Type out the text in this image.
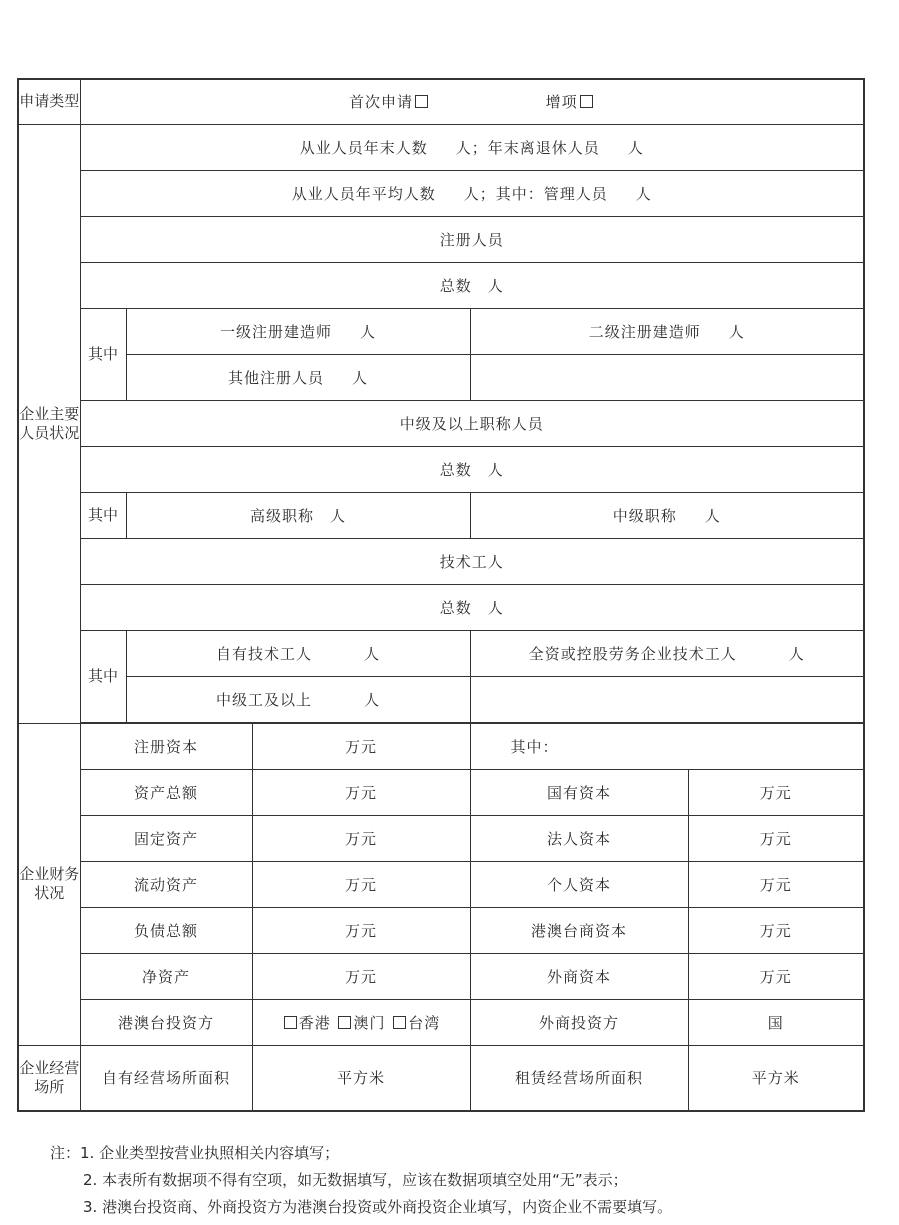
申请类型	首次申请 增项				
企业主要人员状况	从业人员年末人数 人；年末离退休人员 人				
	从业人员年平均人数 人；其中：管理人员 人				
	注册人员				
	总数 人				
	其中	一级注册建造师 人		二级注册建造师 人	
		其他注册人员 人			
	中级及以上职称人员				
	总数 人				
	其中	高级职称 人		中级职称 人	
	技术工人				
	总数 人				
	其中	自有技术工人 人		全资或控股劳务企业技术工人 人	
		中级工及以上 人			

企业财务状况	注册资本		万元	其中：	
	资产总额		万元	国有资本	万元
	固定资产		万元	法人资本	万元
	流动资产		万元	个人资本	万元
	负债总额		万元	港澳台商资本	万元
	净资产		万元	外商资本	万元
	港澳台投资方		香港 澳门 台湾	外商投资方	国
企业经营场所	自有经营场所面积		平方米	租赁经营场所面积	平方米
注：1. 企业类型按营业执照相关内容填写；
2. 本表所有数据项不得有空项，如无数据填写，应该在数据项填空处用“无”表示；
3. 港澳台投资商、外商投资方为港澳台投资或外商投资企业填写，内资企业不需要填写。
